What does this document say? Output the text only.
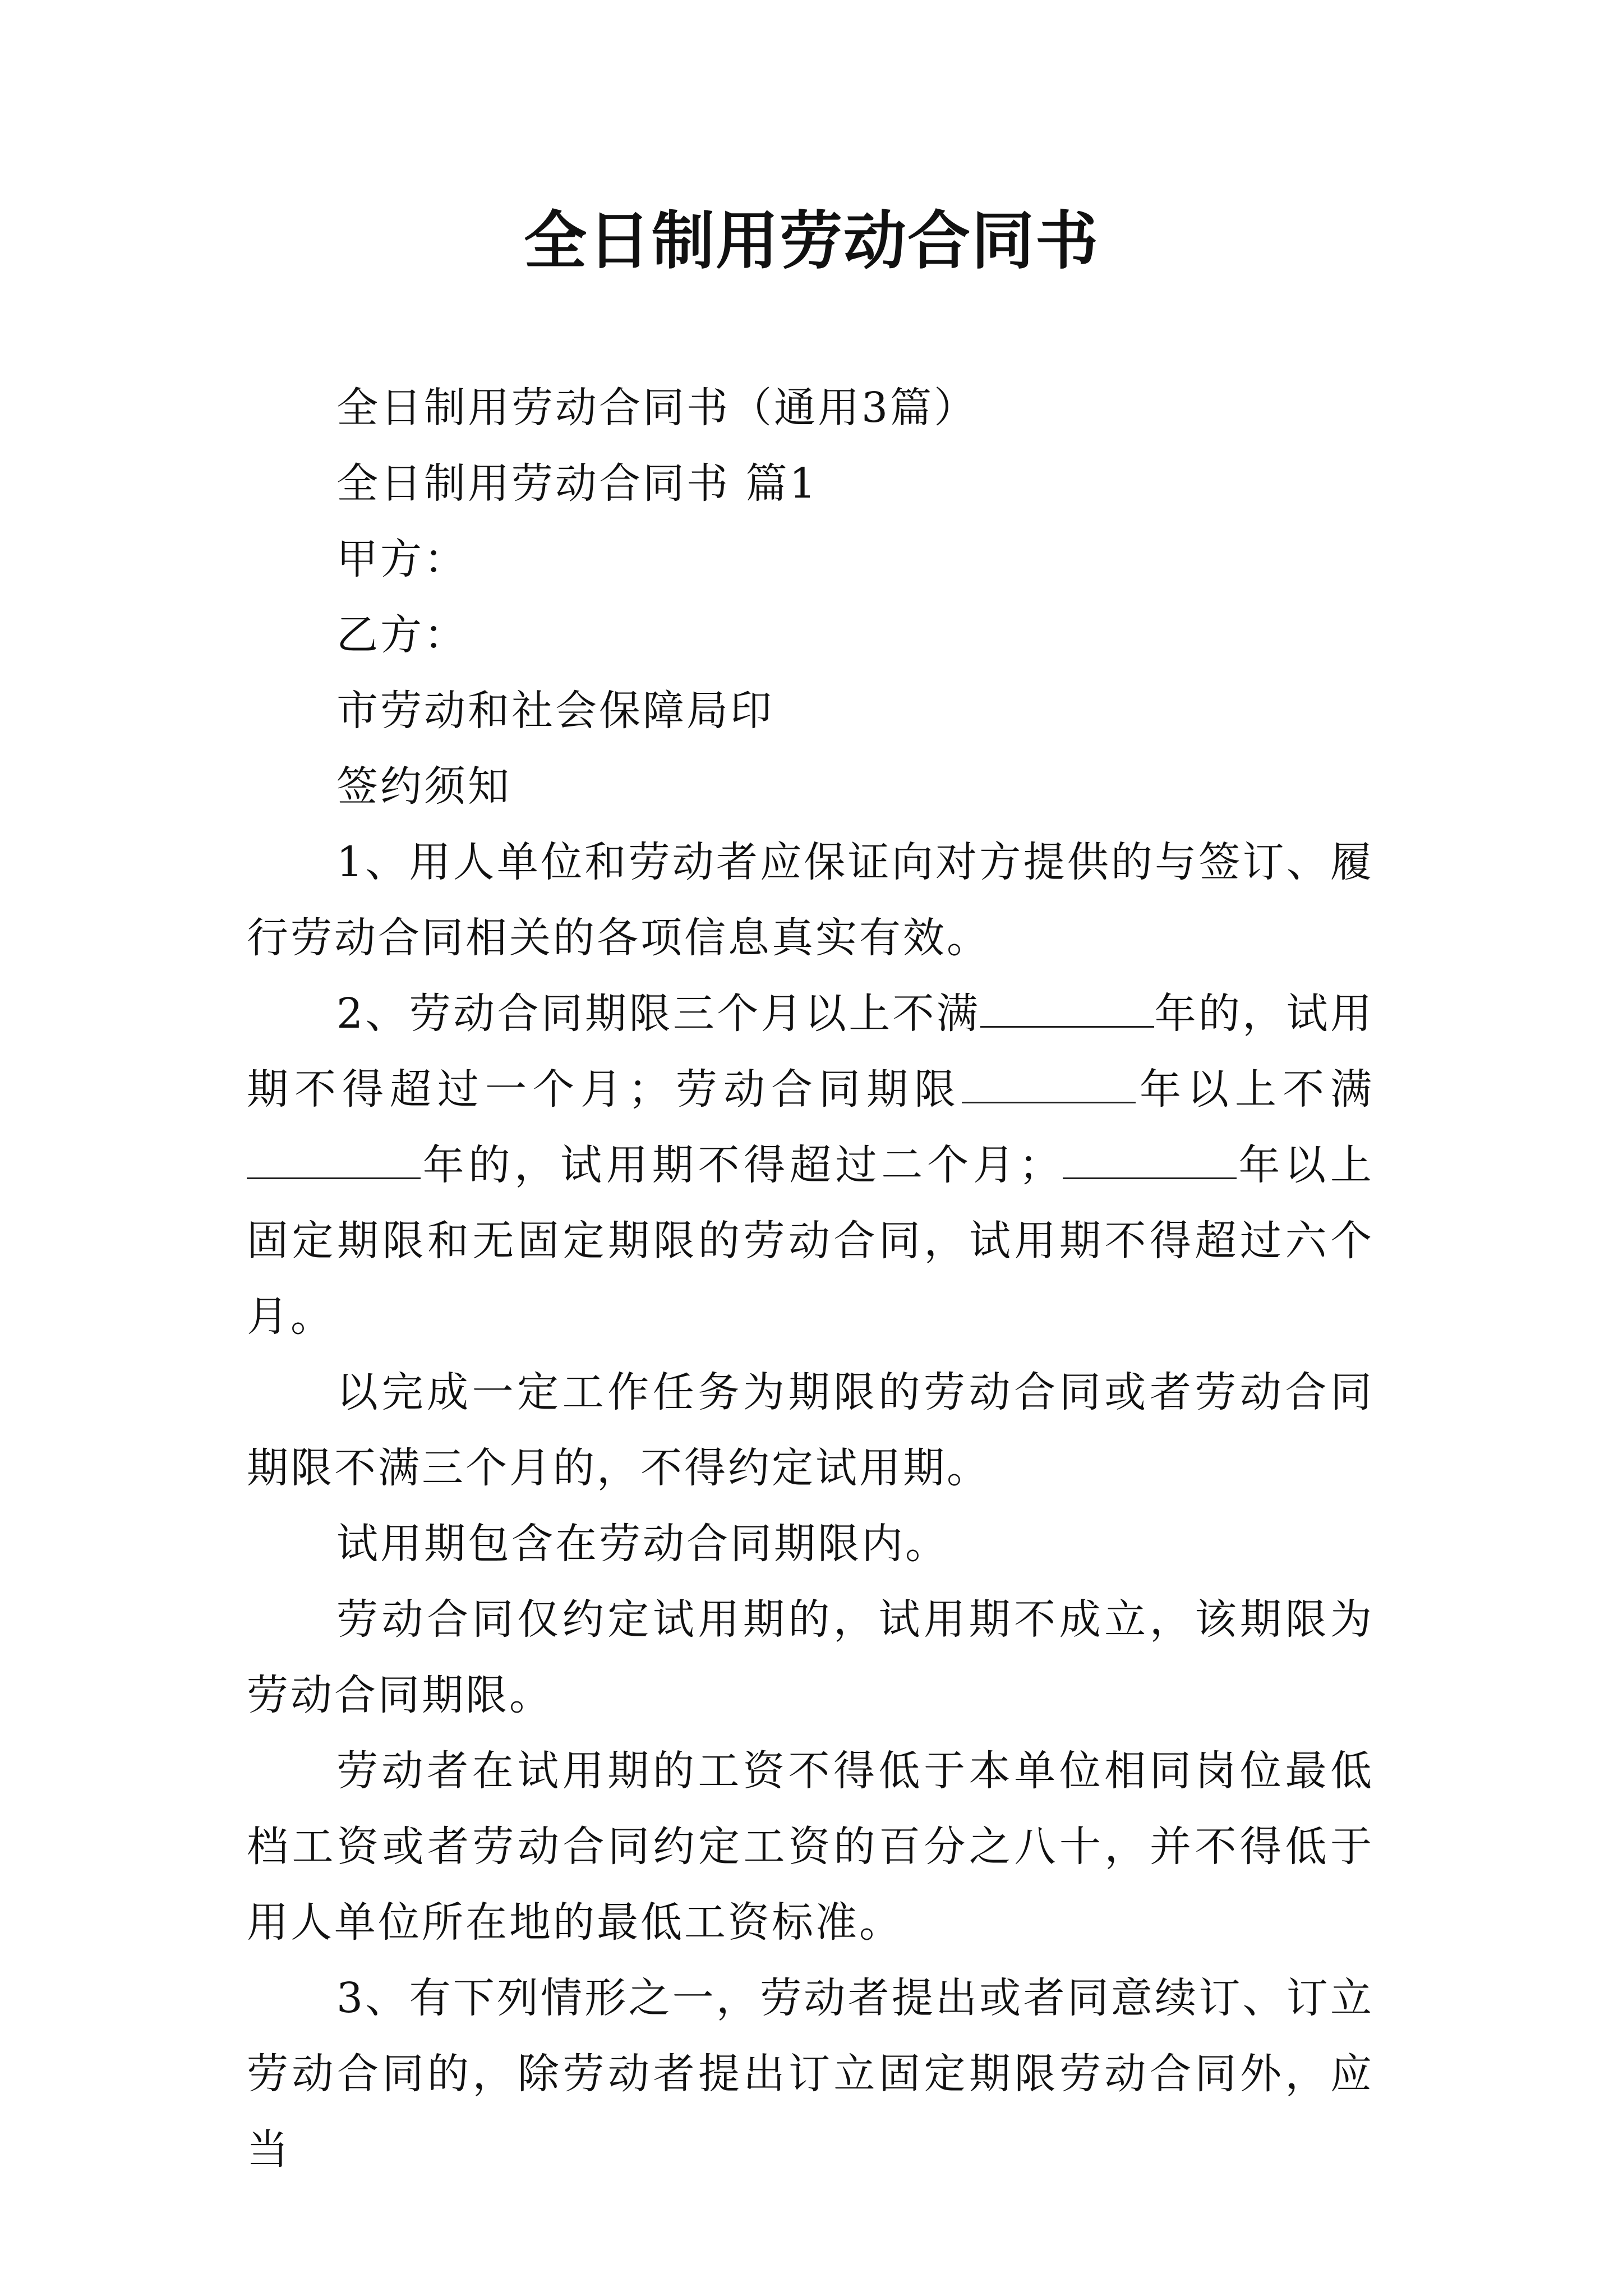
全日制用劳动合同书

全日制用劳动合同书（通用3篇）

全日制用劳动合同书 篇1

甲方：

乙方：

市劳动和社会保障局印

签约须知

1、用人单位和劳动者应保证向对方提供的与签订、履行劳动合同相关的各项信息真实有效。

2、劳动合同期限三个月以上不满	年的，试用期不得超过一个月；劳动合同期限	年以上不满年的，试用期不得超过二个月；	年以上固定期限和无固定期限的劳动合同，试用期不得超过六个月。

以完成一定工作任务为期限的劳动合同或者劳动合同期限不满三个月的，不得约定试用期。

试用期包含在劳动合同期限内。

劳动合同仅约定试用期的，试用期不成立，该期限为劳动合同期限。

劳动者在试用期的工资不得低于本单位相同岗位最低档工资或者劳动合同约定工资的百分之八十，并不得低于用人单位所在地的最低工资标准。

3、有下列情形之一，劳动者提出或者同意续订、订立劳动合同的，除劳动者提出订立固定期限劳动合同外，应当
